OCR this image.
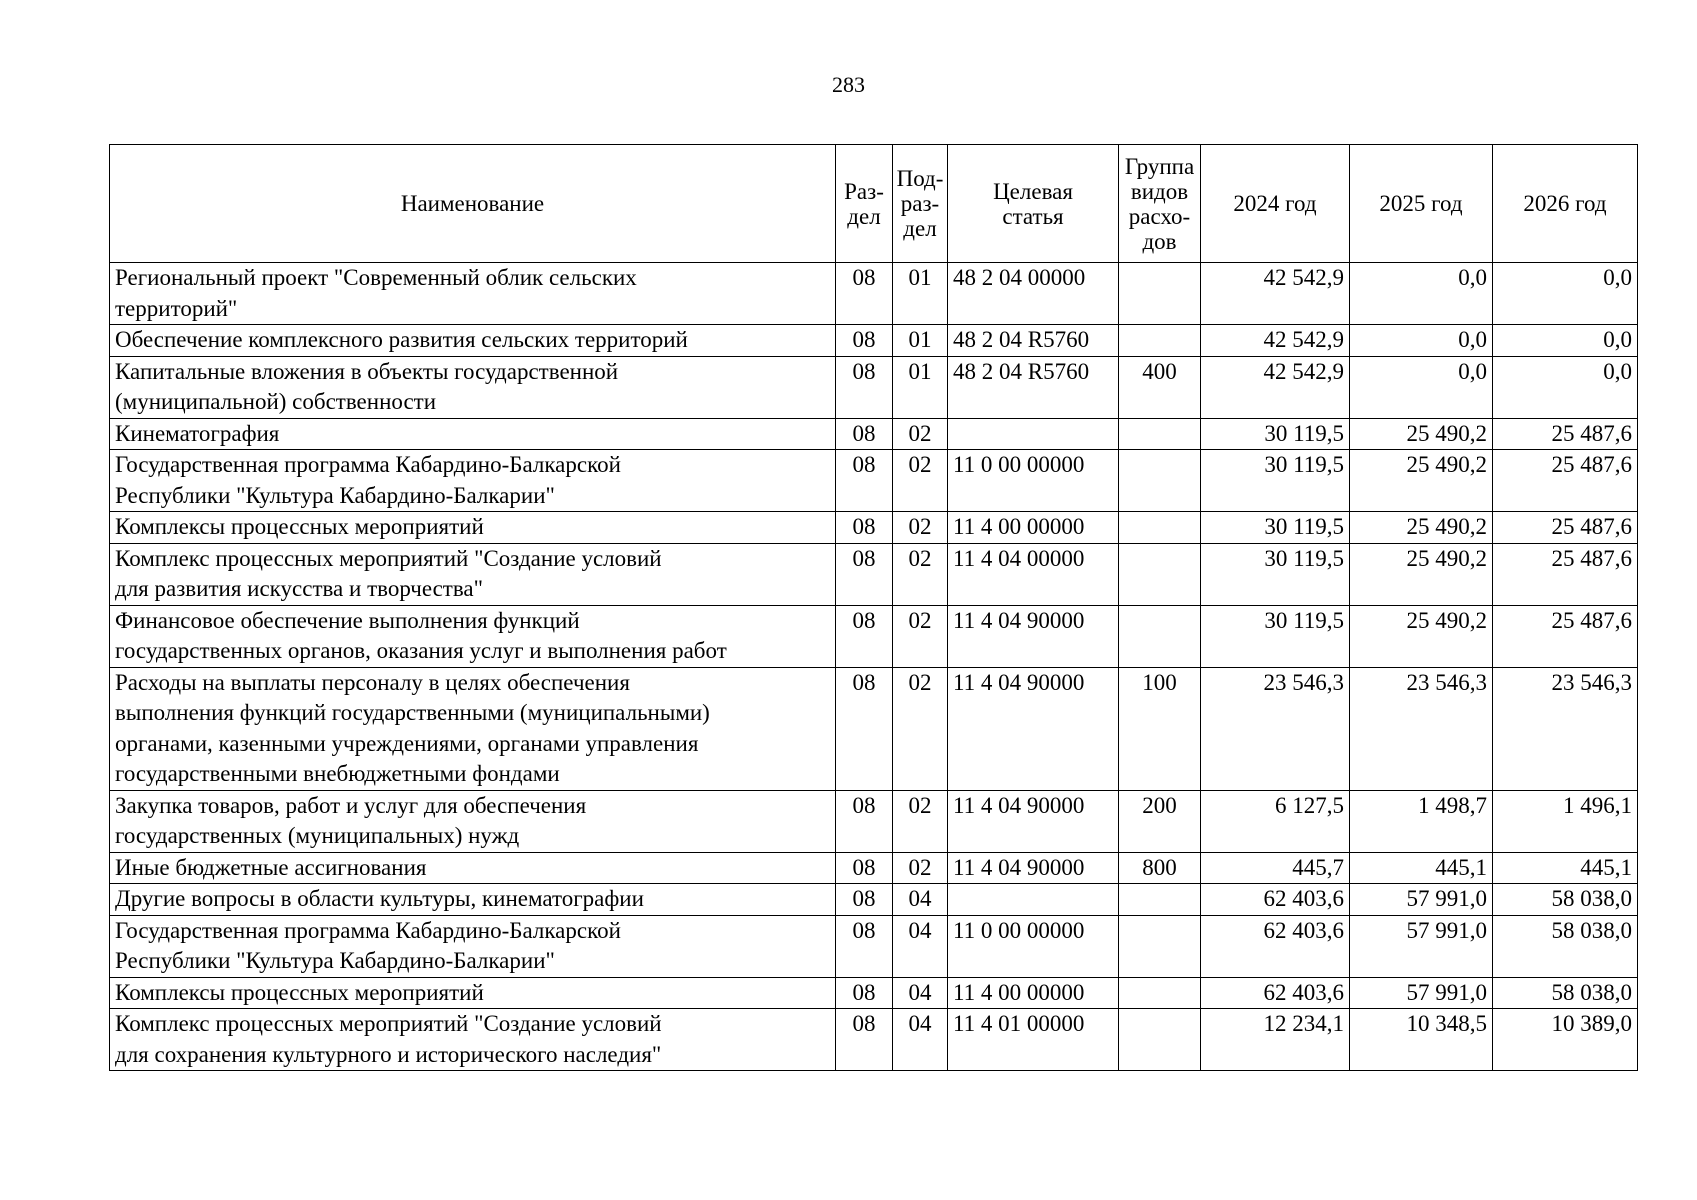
283
Наименование	Раз-
дел	Под-
раз-
дел	Целевая
статья	Группа
видов
расхо-
дов	2024 год	2025 год	2026 год
Региональный проект "Современный облик сельских
территорий"	08	01	48 2 04 00000		42 542,9	0,0	0,0
Обеспечение комплексного развития сельских территорий	08	01	48 2 04 R5760		42 542,9	0,0	0,0
Капитальные вложения в объекты государственной
(муниципальной) собственности	08	01	48 2 04 R5760	400	42 542,9	0,0	0,0
Кинематография	08	02			30 119,5	25 490,2	25 487,6
Государственная программа Кабардино-Балкарской
Республики "Культура Кабардино-Балкарии"	08	02	11 0 00 00000		30 119,5	25 490,2	25 487,6
Комплексы процессных мероприятий	08	02	11 4 00 00000		30 119,5	25 490,2	25 487,6
Комплекс процессных мероприятий "Создание условий
для развития искусства и творчества"	08	02	11 4 04 00000		30 119,5	25 490,2	25 487,6
Финансовое обеспечение выполнения функций
государственных органов, оказания услуг и выполнения работ	08	02	11 4 04 90000		30 119,5	25 490,2	25 487,6
Расходы на выплаты персоналу в целях обеспечения
выполнения функций государственными (муниципальными)
органами, казенными учреждениями, органами управления
государственными внебюджетными фондами	08	02	11 4 04 90000	100	23 546,3	23 546,3	23 546,3
Закупка товаров, работ и услуг для обеспечения
государственных (муниципальных) нужд	08	02	11 4 04 90000	200	6 127,5	1 498,7	1 496,1
Иные бюджетные ассигнования	08	02	11 4 04 90000	800	445,7	445,1	445,1
Другие вопросы в области культуры, кинематографии	08	04			62 403,6	57 991,0	58 038,0
Государственная программа Кабардино-Балкарской
Республики "Культура Кабардино-Балкарии"	08	04	11 0 00 00000		62 403,6	57 991,0	58 038,0
Комплексы процессных мероприятий	08	04	11 4 00 00000		62 403,6	57 991,0	58 038,0
Комплекс процессных мероприятий "Создание условий
для сохранения культурного и исторического наследия"	08	04	11 4 01 00000		12 234,1	10 348,5	10 389,0
